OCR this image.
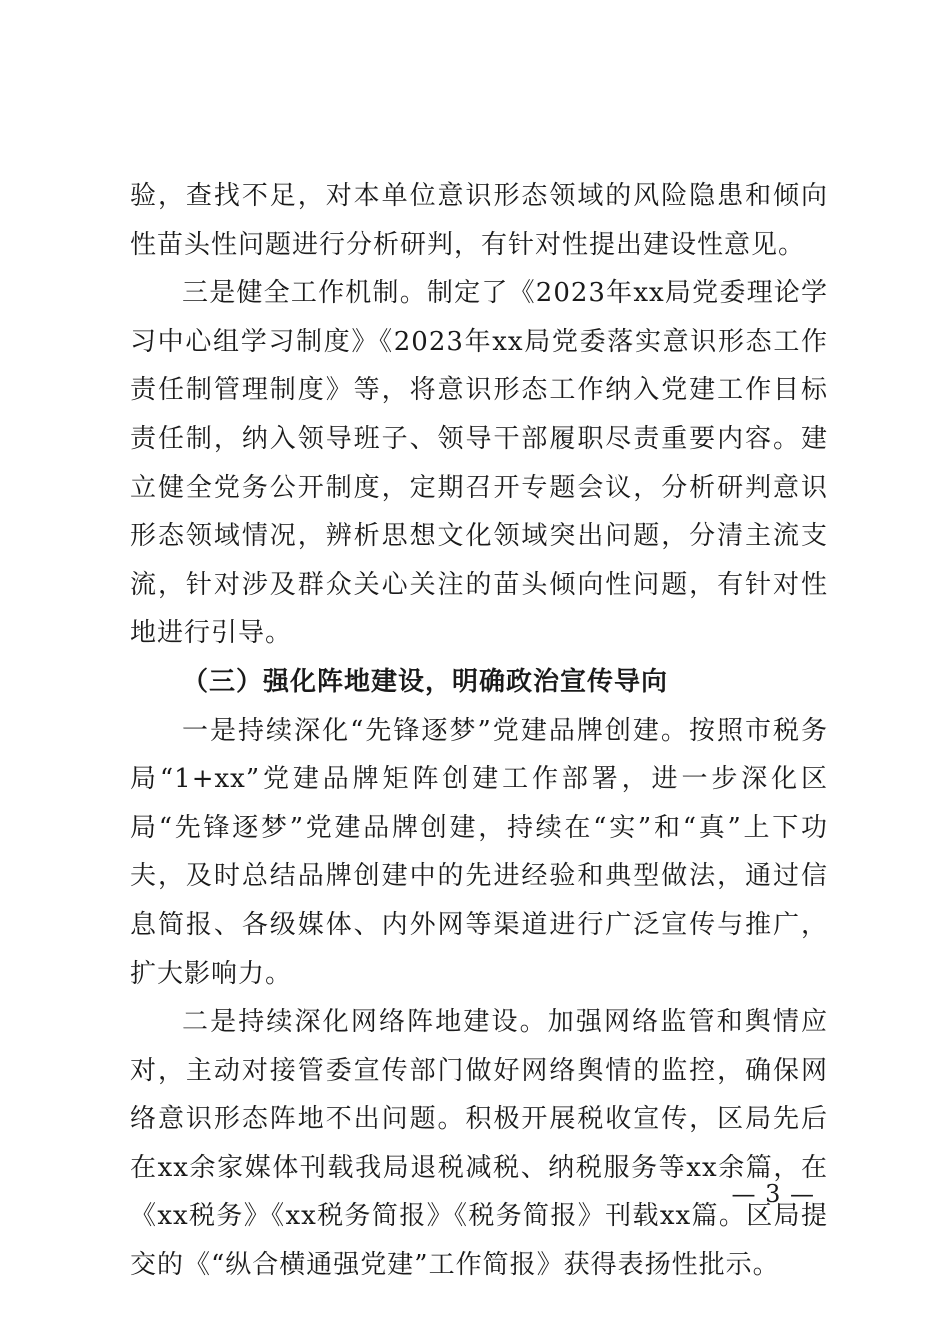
验，查找不足，对本单位意识形态领域的风险隐患和倾向性苗头性问题进行分析研判，有针对性提出建设性意见。

三是健全工作机制。制定了《2023年xx局党委理论学习中心组学习制度》《2023年xx局党委落实意识形态工作责任制管理制度》等，将意识形态工作纳入党建工作目标责任制，纳入领导班子、领导干部履职尽责重要内容。建立健全党务公开制度，定期召开专题会议，分析研判意识形态领域情况，辨析思想文化领域突出问题，分清主流支流，针对涉及群众关心关注的苗头倾向性问题，有针对性地进行引导。

（三）强化阵地建设，明确政治宣传导向

一是持续深化“先锋逐梦”党建品牌创建。按照市税务局“1+xx”党建品牌矩阵创建工作部署，进一步深化区局“先锋逐梦”党建品牌创建，持续在“实”和“真”上下功夫，及时总结品牌创建中的先进经验和典型做法，通过信息简报、各级媒体、内外网等渠道进行广泛宣传与推广，扩大影响力。

二是持续深化网络阵地建设。加强网络监管和舆情应对，主动对接管委宣传部门做好网络舆情的监控，确保网络意识形态阵地不出问题。积极开展税收宣传，区局先后在xx余家媒体刊载我局退税减税、纳税服务等xx余篇，在《xx税务》《xx税务简报》《税务简报》刊载xx篇。区局提交的《“纵合横通强党建”工作简报》获得表扬性批示。

— 3 —
